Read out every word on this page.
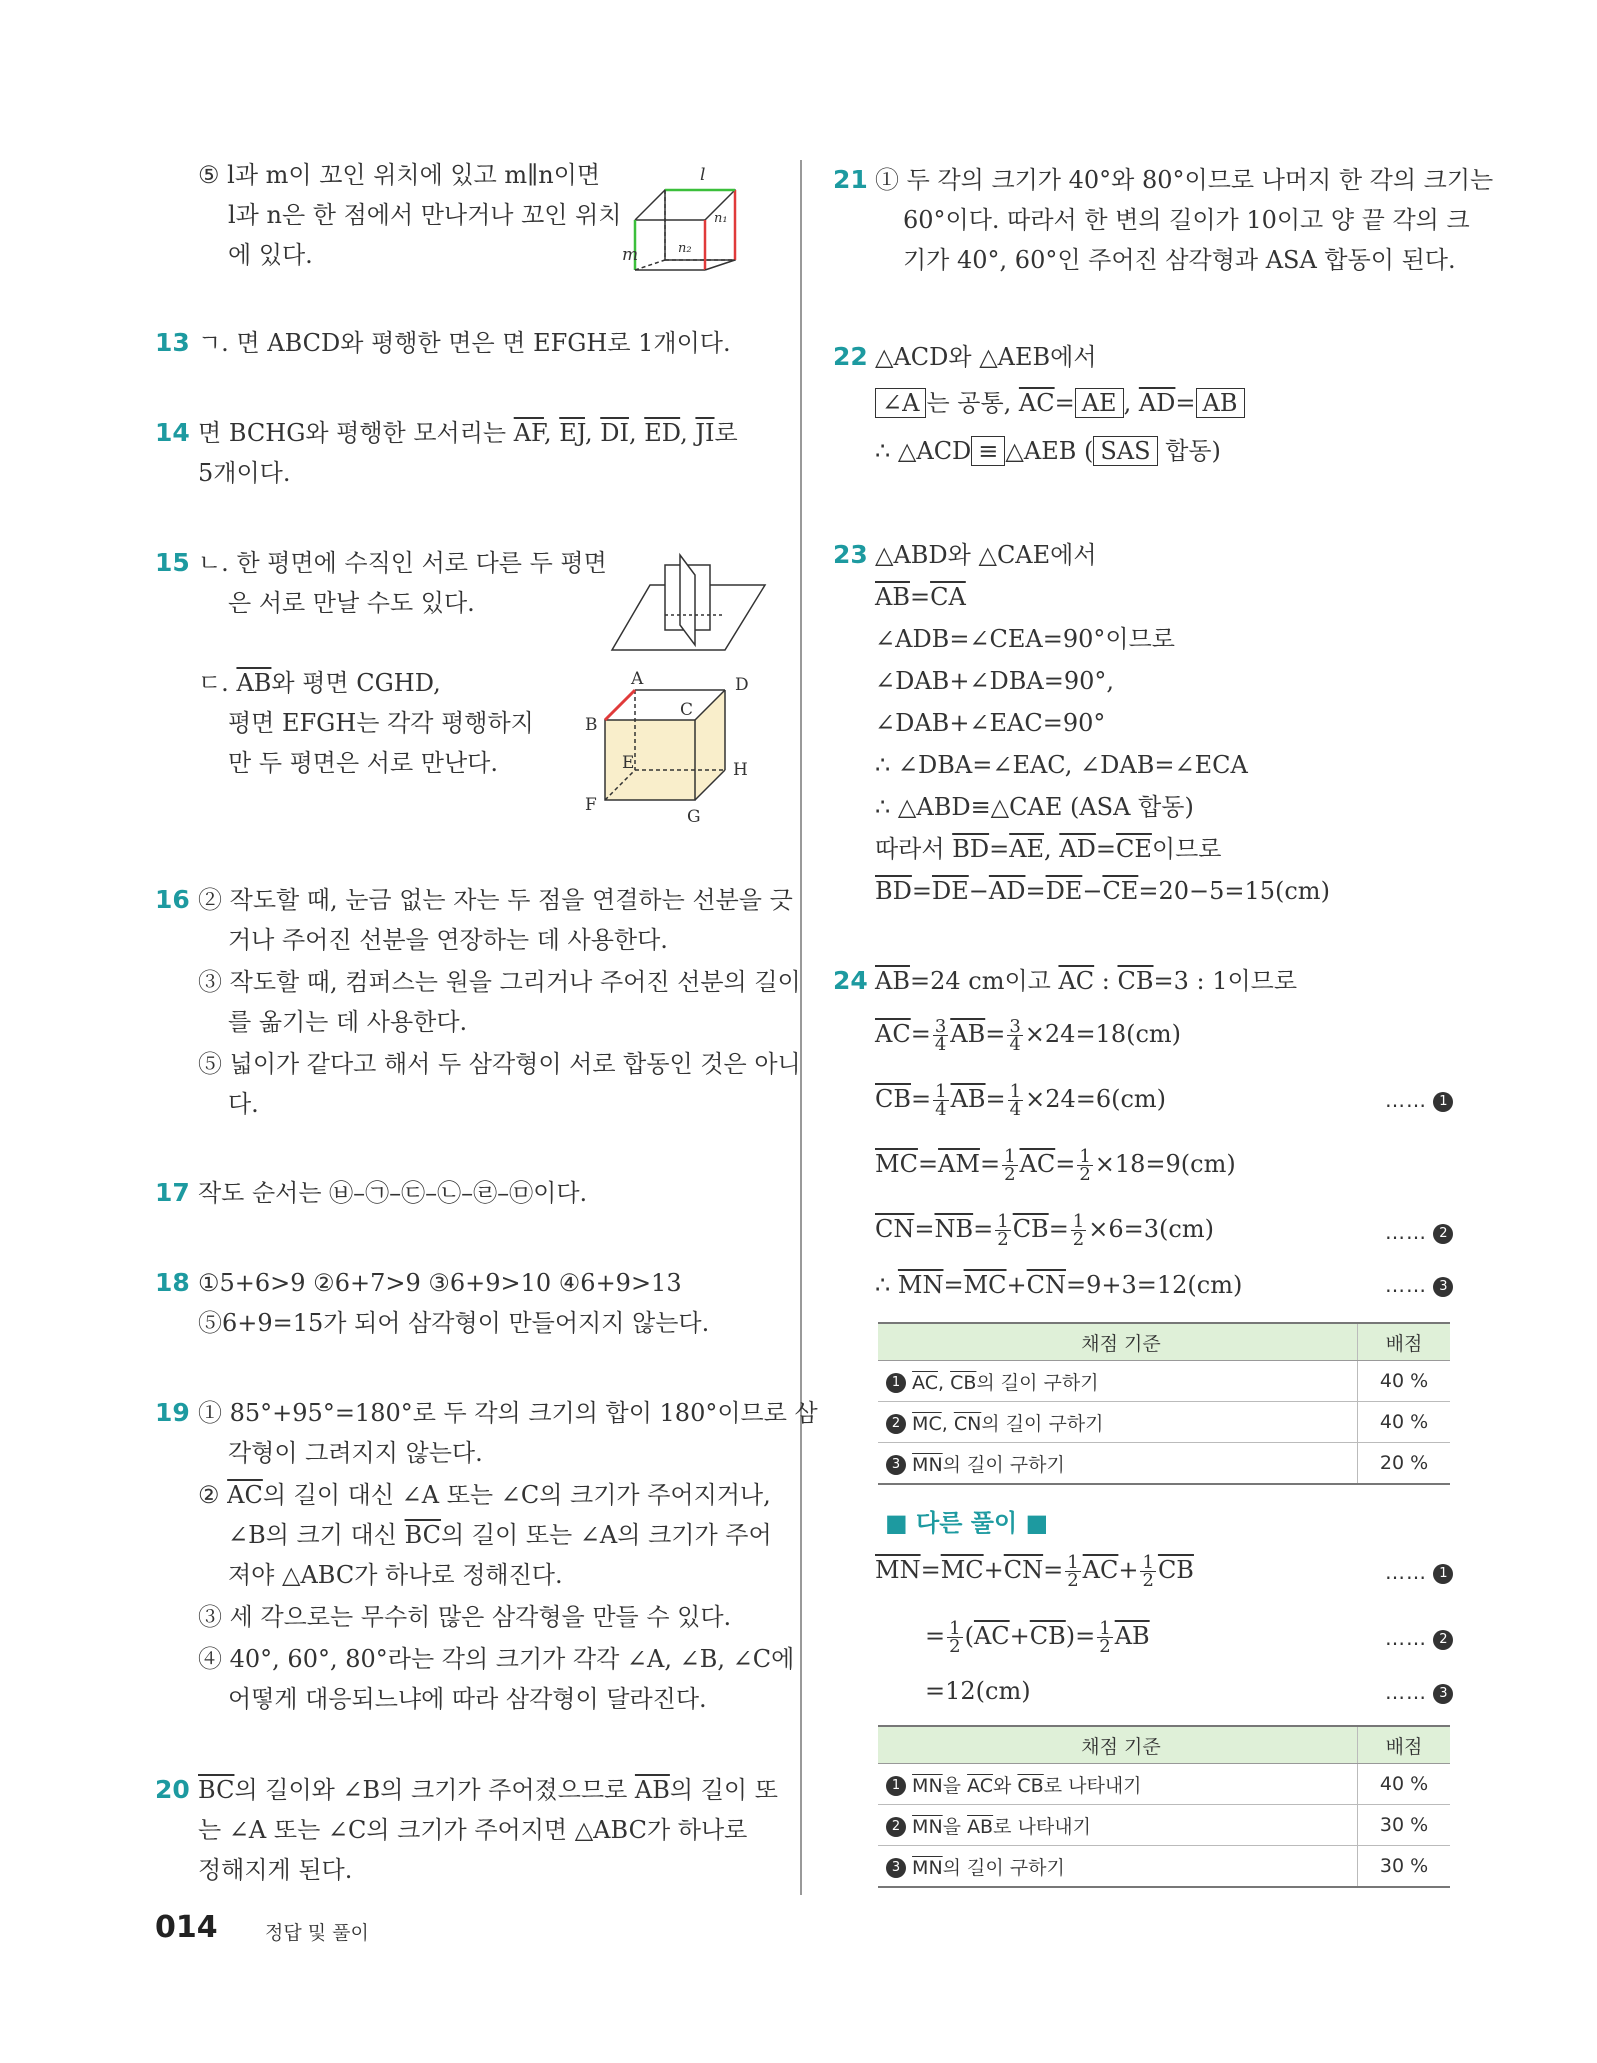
⑤ l과 m이 꼬인 위치에 있고 m∥n이면
l과 n은 한 점에서 만나거나 꼬인 위치
에 있다.
l
m
n₁
n₂
13 ㄱ. 면 ABCD와 평행한 면은 면 EFGH로 1개이다.
14 면 BCHG와 평행한 모서리는 $\overline{AF}$, $\overline{EJ}$, $\overline{DI}$, $\overline{ED}$, $\overline{JI}$로
5개이다.
15 ㄴ. 한 평면에 수직인 서로 다른 두 평면
은 서로 만날 수도 있다.
ㄷ. $\overline{AB}$와 평면 CGHD,
평면 EFGH는 각각 평행하지
만 두 평면은 서로 만난다.
A	D
B
C
E	H
F
G
16 ② 작도할 때, 눈금 없는 자는 두 점을 연결하는 선분을 긋
거나 주어진 선분을 연장하는 데 사용한다.
③ 작도할 때, 컴퍼스는 원을 그리거나 주어진 선분의 길이
를 옮기는 데 사용한다.
⑤ 넓이가 같다고 해서 두 삼각형이 서로 합동인 것은 아니
다.
17 작도 순서는 ㉥–㉠–㉢–㉡–㉣–㉤이다.
18 ①5+6>9 ②6+7>9 ③6+9>10 ④6+9>13
⑤6+9=15가 되어 삼각형이 만들어지지 않는다.
19 ① 85°+95°=180°로 두 각의 크기의 합이 180°이므로 삼
각형이 그려지지 않는다.
② $\overline{AC}$의 길이 대신 ∠A 또는 ∠C의 크기가 주어지거나,
∠B의 크기 대신 $\overline{BC}$의 길이 또는 ∠A의 크기가 주어
져야 △ABC가 하나로 정해진다.
③ 세 각으로는 무수히 많은 삼각형을 만들 수 있다.
④ 40°, 60°, 80°라는 각의 크기가 각각 ∠A, ∠B, ∠C에
어떻게 대응되느냐에 따라 삼각형이 달라진다.
20 $\overline{BC}$의 길이와 ∠B의 크기가 주어졌으므로 $\overline{AB}$의 길이 또
는 ∠A 또는 ∠C의 크기가 주어지면 △ABC가 하나로
정해지게 된다.
21 ① 두 각의 크기가 40°와 80°이므로 나머지 한 각의 크기는
60°이다. 따라서 한 변의 길이가 10이고 양 끝 각의 크
기가 40°, 60°인 주어진 삼각형과 ASA 합동이 된다.
22 △ACD와 △AEB에서
∠A 는 공통, $\overline{AC}=$ AE , $\overline{AD}=$ AB
∴ △ACD ≡ △AEB ( SAS 합동)
23 △ABD와 △CAE에서
$\overline{AB}=\overline{CA}$
∠ADB=∠CEA=90°이므로
∠DAB+∠DBA=90°,
∠DAB+∠EAC=90°
∴ ∠DBA=∠EAC, ∠DAB=∠ECA
∴ △ABD≡△CAE (ASA 합동)
따라서 $\overline{BD}=\overline{AE}$, $\overline{AD}=\overline{CE}$이므로
$\overline{BD}=\overline{DE}-\overline{AD}=\overline{DE}-\overline{CE}=20-5=15(cm)$
24 $\overline{AB}=24$ cm이고 $\overline{AC}$ : $\overline{CB}=3$ : 1이므로
$\overline{AC}= \frac{3}{4} \overline{AB}= \frac{3}{4} \times 24=18(cm)$
$\overline{CB}= \frac{1}{4} \overline{AB}= \frac{1}{4} \times 24=6(cm)$	…… 1
$\overline{MC}=\overline{AM}= \frac{1}{2} \overline{AC}= \frac{1}{2} \times 18=9(cm)$
$\overline{CN}=\overline{NB}= \frac{1}{2} \overline{CB}= \frac{1}{2} \times 6=3(cm)$	…… 2
∴ $\overline{MN}=\overline{MC}+\overline{CN}=9+3=12(cm)$	…… 3
채점 기준	배점
1 $\overline{AC}$, $\overline{CB}$의 길이 구하기	40 %
2 $\overline{MC}$, $\overline{CN}$의 길이 구하기	40 %
3 $\overline{MN}$의 길이 구하기	20 %
■ 다른 풀이 ■
$\overline{MN}=\overline{MC}+\overline{CN}= \frac{1}{2} \overline{AC}+ \frac{1}{2} \overline{CB}$	…… 1
= $\frac{1}{2} (\overline{AC}+\overline{CB})= \frac{1}{2} \overline{AB}$	…… 2
=12(cm)	…… 3
채점 기준	배점
1 $\overline{MN}$을 $\overline{AC}$와 $\overline{CB}$로 나타내기	40 %
2 $\overline{MN}$을 $\overline{AB}$로 나타내기	30 %
3 $\overline{MN}$의 길이 구하기	30 %
014 정답 및 풀이
